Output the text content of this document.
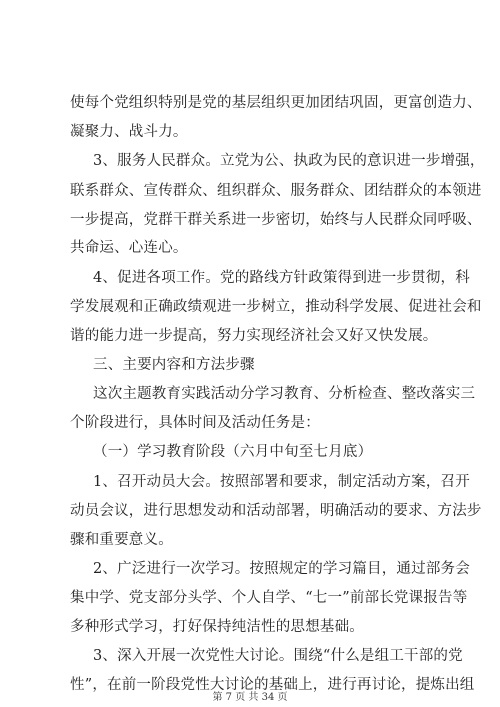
使每个党组织特别是党的基层组织更加团结巩固，更富创造力、
凝聚力、战斗力。
3、服务人民群众。立党为公、执政为民的意识进一步增强，
联系群众、宣传群众、组织群众、服务群众、团结群众的本领进
一步提高，党群干群关系进一步密切，始终与人民群众同呼吸、
共命运、心连心。
4、促进各项工作。党的路线方针政策得到进一步贯彻，科
学发展观和正确政绩观进一步树立，推动科学发展、促进社会和
谐的能力进一步提高，努力实现经济社会又好又快发展。
三、主要内容和方法步骤
这次主题教育实践活动分学习教育、分析检查、整改落实三
个阶段进行，具体时间及活动任务是：
（一）学习教育阶段（六月中旬至七月底）
1、召开动员大会。按照部署和要求，制定活动方案，召开
动员会议，进行思想发动和活动部署，明确活动的要求、方法步
骤和重要意义。
2、广泛进行一次学习。按照规定的学习篇目，通过部务会
集中学、党支部分头学、个人自学、“七一”前部长党课报告等
多种形式学习，打好保持纯洁性的思想基础。
3、深入开展一次党性大讨论。围绕“什么是组工干部的党
性”，在前一阶段党性大讨论的基础上，进行再讨论，提炼出组
第 7 页 共 34 页
